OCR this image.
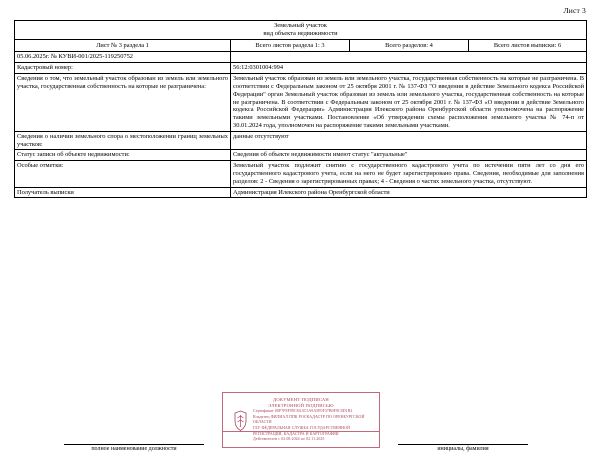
Лист 3
Земельный участок
вид объекта недвижимости			

Лист № 3 раздела 1	Всего листов раздела 1: 3	Всего разделов: 4	Всего листов выписки: 6
05.06.2025г. № КУВИ-001/2025-119250752			
Кадастровый номер:	56:12:0301004:994		
Сведения о том, что земельный участок образован из земель или земельного участка, государственная собственность на которые не разграничена:	Земельный участок образован из земель или земельного участка, государственная собственность на которые не разграничена. В соответствии с Федеральным законом от 25 октября 2001 г. № 137-ФЗ "О введении в действие Земельного кодекса Российской Федерации" орган Земельный участок образован из земель или земельного участка, государственная собственность на которые не разграничена. В соответствии с Федеральным законом от 25 октября 2001 г. № 137-ФЗ «О введении в действие Земельного кодекса Российской Федерации» Администрация Илекского района Оренбургской области уполномочена на распоряжение такими земельными участками. Постановление «Об утверждении схемы расположения земельного участка № 74-п от 30.01.2024 года, уполномочен на распоряжение такими земельными участками.		
Сведения о наличии земельного спора о местоположении границ земельных участков:	данные отсутствуют		
Статус записи об объекте недвижимости:	Сведения об объекте недвижимости имеют статус "актуальные"		
Особые отметки:	Земельный участок подлежит снятию с государственного кадастрового учета по истечении пяти лет со дня его государственного кадастрового учета, если на него не будет зарегистрировано права. Сведения, необходимые для заполнения разделов: 2 - Сведения о зарегистрированных правах; 4 - Сведения о частях земельного участка, отсутствуют.		
Получатель выписки	Администрация Илекского района Оренбургской области		
ДОКУМЕНТ ПОДПИСАН
ЭЛЕКТРОННОЙ ПОДПИСЬЮ
Сертификат 00F7F8F99C8A3C5A9A5F0F37B0F9C0D1B2
Владелец ФИЛИАЛ ППК РОСКАДАСТР ПО ОРЕНБУРГСКОЙ ОБЛАСТИ
ГБУ ФЕДЕРАЛЬНАЯ СЛУЖБА ГОСУДАРСТВЕННОЙ
РЕГИСТРАЦИИ, КАДАСТРА И КАРТОГРАФИИ
Действителен с 02.08.2024 по 02.11.2025
полное наименование должности	инициалы, фамилия
